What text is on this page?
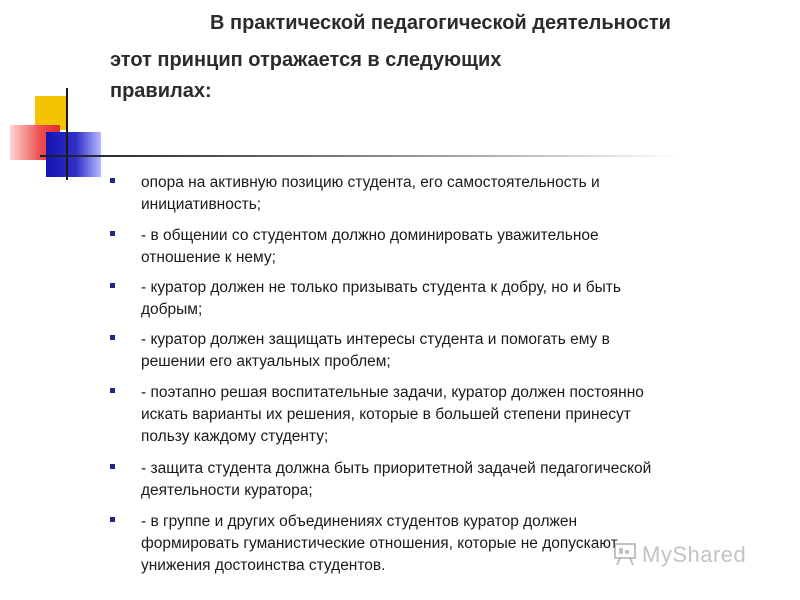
В практической педагогической деятельности
этот принцип отражается в следующих
правилах:
опора на активную позицию студента, его самостоятельность и
инициативность;
- в общении со студентом должно доминировать уважительное
отношение к нему;
- куратор должен не только призывать студента к добру, но и быть
добрым;
- куратор должен защищать интересы студента и помогать ему в
решении его актуальных проблем;
- поэтапно решая воспитательные задачи, куратор должен постоянно
искать варианты их решения, которые в большей степени принесут
пользу каждому студенту;
- защита студента должна быть приоритетной задачей педагогической
деятельности куратора;
- в группе и других объединениях студентов куратор должен
формировать гуманистические отношения, которые не допускают
унижения достоинства студентов.	MyShared
